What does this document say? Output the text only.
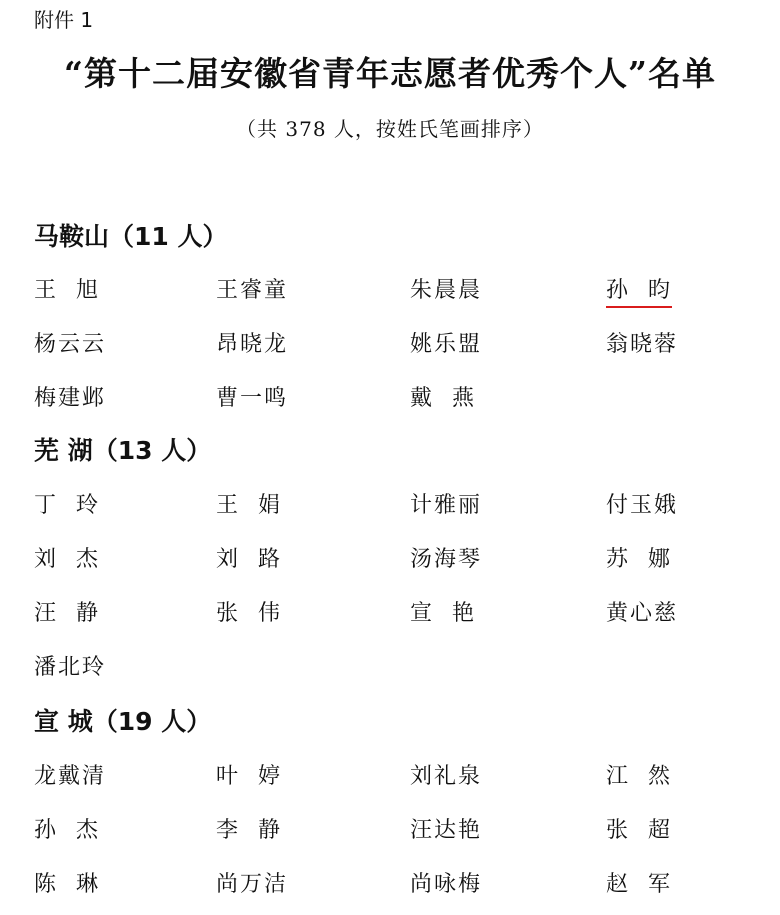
附件 1
“第十二届安徽省青年志愿者优秀个人”名单
（共 378 人，按姓氏笔画排序）
马鞍山（11 人）
王  旭	王睿童	朱晨晨	孙  昀
杨云云	昂晓龙	姚乐盟	翁晓蓉
梅建邺	曹一鸣	戴  燕
芜 湖（13 人）
丁  玲	王  娟	计雅丽	付玉娥
刘  杰	刘  路	汤海琴	苏  娜
汪  静	张  伟	宣  艳	黄心慈
潘北玲
宣 城（19 人）
龙戴清	叶  婷	刘礼泉	江  然
孙  杰	李  静	汪达艳	张  超
陈  琳	尚万洁	尚咏梅	赵  军
